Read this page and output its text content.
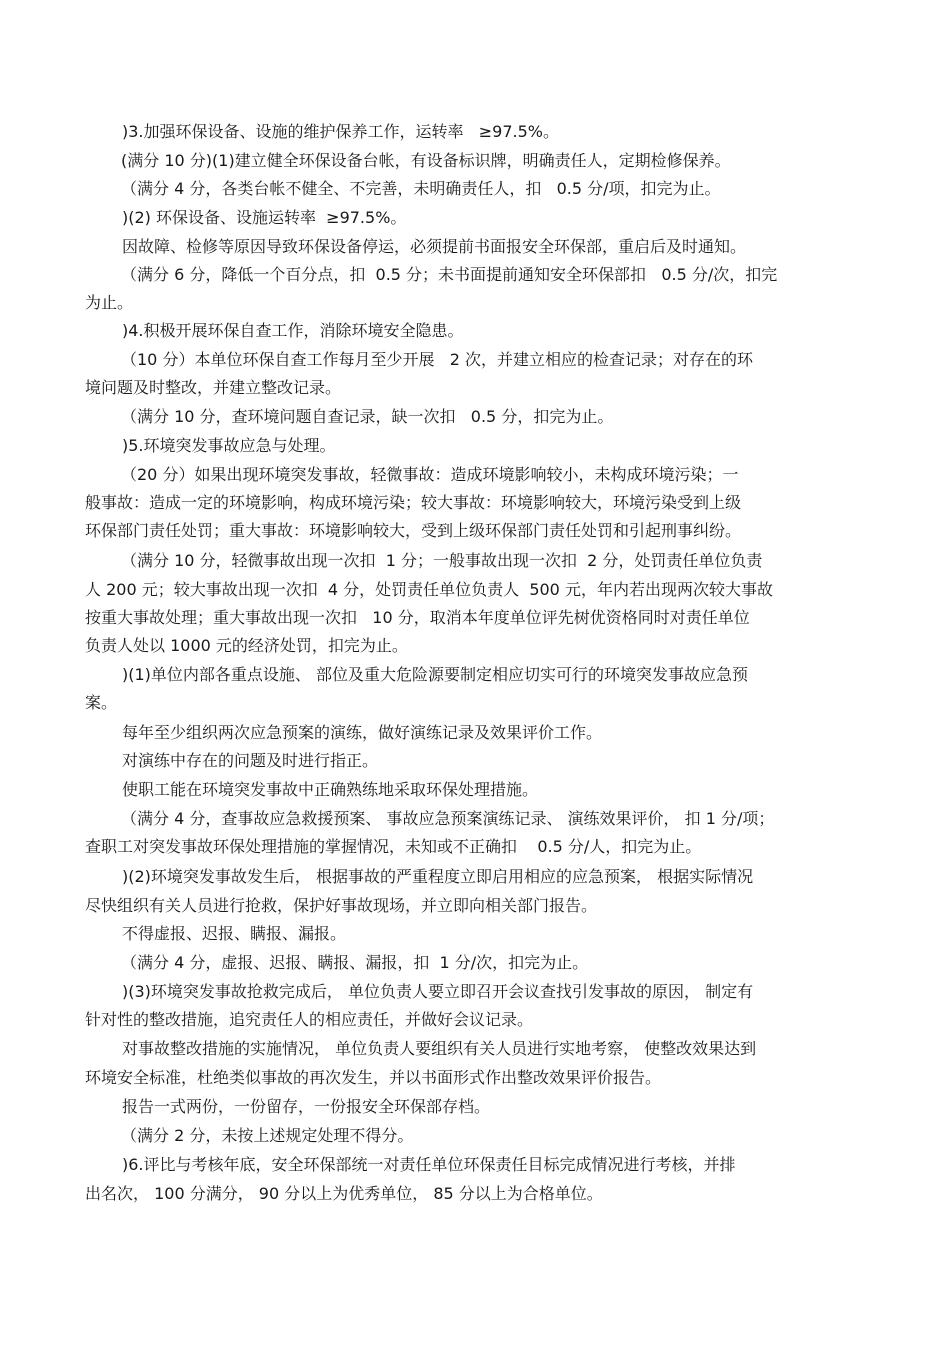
)3.加强环保设备、设施的维护保养工作，运转率   ≥97.5%。
(满分 10 分)(1)建立健全环保设备台帐，有设备标识牌，明确责任人，定期检修保养。
（满分 4 分，各类台帐不健全、不完善，未明确责任人，扣   0.5 分/项，扣完为止。
)(2) 环保设备、设施运转率  ≥97.5%。
因故障、检修等原因导致环保设备停运，必须提前书面报安全环保部，重启后及时通知。
（满分 6 分，降低一个百分点，扣  0.5 分；未书面提前通知安全环保部扣   0.5 分/次，扣完
为止。
)4.积极开展环保自查工作，消除环境安全隐患。
（10 分）本单位环保自查工作每月至少开展   2 次，并建立相应的检查记录；对存在的环
境问题及时整改，并建立整改记录。
（满分 10 分，查环境问题自查记录，缺一次扣   0.5 分，扣完为止。
)5.环境突发事故应急与处理。
（20 分）如果出现环境突发事故，轻微事故：造成环境影响较小，未构成环境污染；一
般事故：造成一定的环境影响，构成环境污染；较大事故：环境影响较大，环境污染受到上级
环保部门责任处罚；重大事故：环境影响较大，受到上级环保部门责任处罚和引起刑事纠纷。
（满分 10 分，轻微事故出现一次扣  1 分；一般事故出现一次扣  2 分，处罚责任单位负责
人 200 元；较大事故出现一次扣  4 分，处罚责任单位负责人  500 元，年内若出现两次较大事故
按重大事故处理；重大事故出现一次扣   10 分，取消本年度单位评先树优资格同时对责任单位
负责人处以 1000 元的经济处罚，扣完为止。
)(1)单位内部各重点设施、 部位及重大危险源要制定相应切实可行的环境突发事故应急预
案。
每年至少组织两次应急预案的演练，做好演练记录及效果评价工作。
对演练中存在的问题及时进行指正。
使职工能在环境突发事故中正确熟练地采取环保处理措施。
（满分 4 分，查事故应急救援预案、 事故应急预案演练记录、 演练效果评价， 扣 1 分/项；
查职工对突发事故环保处理措施的掌握情况，未知或不正确扣    0.5 分/人，扣完为止。
)(2)环境突发事故发生后， 根据事故的严重程度立即启用相应的应急预案， 根据实际情况
尽快组织有关人员进行抢救，保护好事故现场，并立即向相关部门报告。
不得虚报、迟报、瞒报、漏报。
（满分 4 分，虚报、迟报、瞒报、漏报，扣  1 分/次，扣完为止。
)(3)环境突发事故抢救完成后， 单位负责人要立即召开会议查找引发事故的原因， 制定有
针对性的整改措施，追究责任人的相应责任，并做好会议记录。
对事故整改措施的实施情况， 单位负责人要组织有关人员进行实地考察， 使整改效果达到
环境安全标准，杜绝类似事故的再次发生，并以书面形式作出整改效果评价报告。
报告一式两份，一份留存，一份报安全环保部存档。
（满分 2 分，未按上述规定处理不得分。
)6.评比与考核年底，安全环保部统一对责任单位环保责任目标完成情况进行考核，并排
出名次， 100 分满分， 90 分以上为优秀单位， 85 分以上为合格单位。
